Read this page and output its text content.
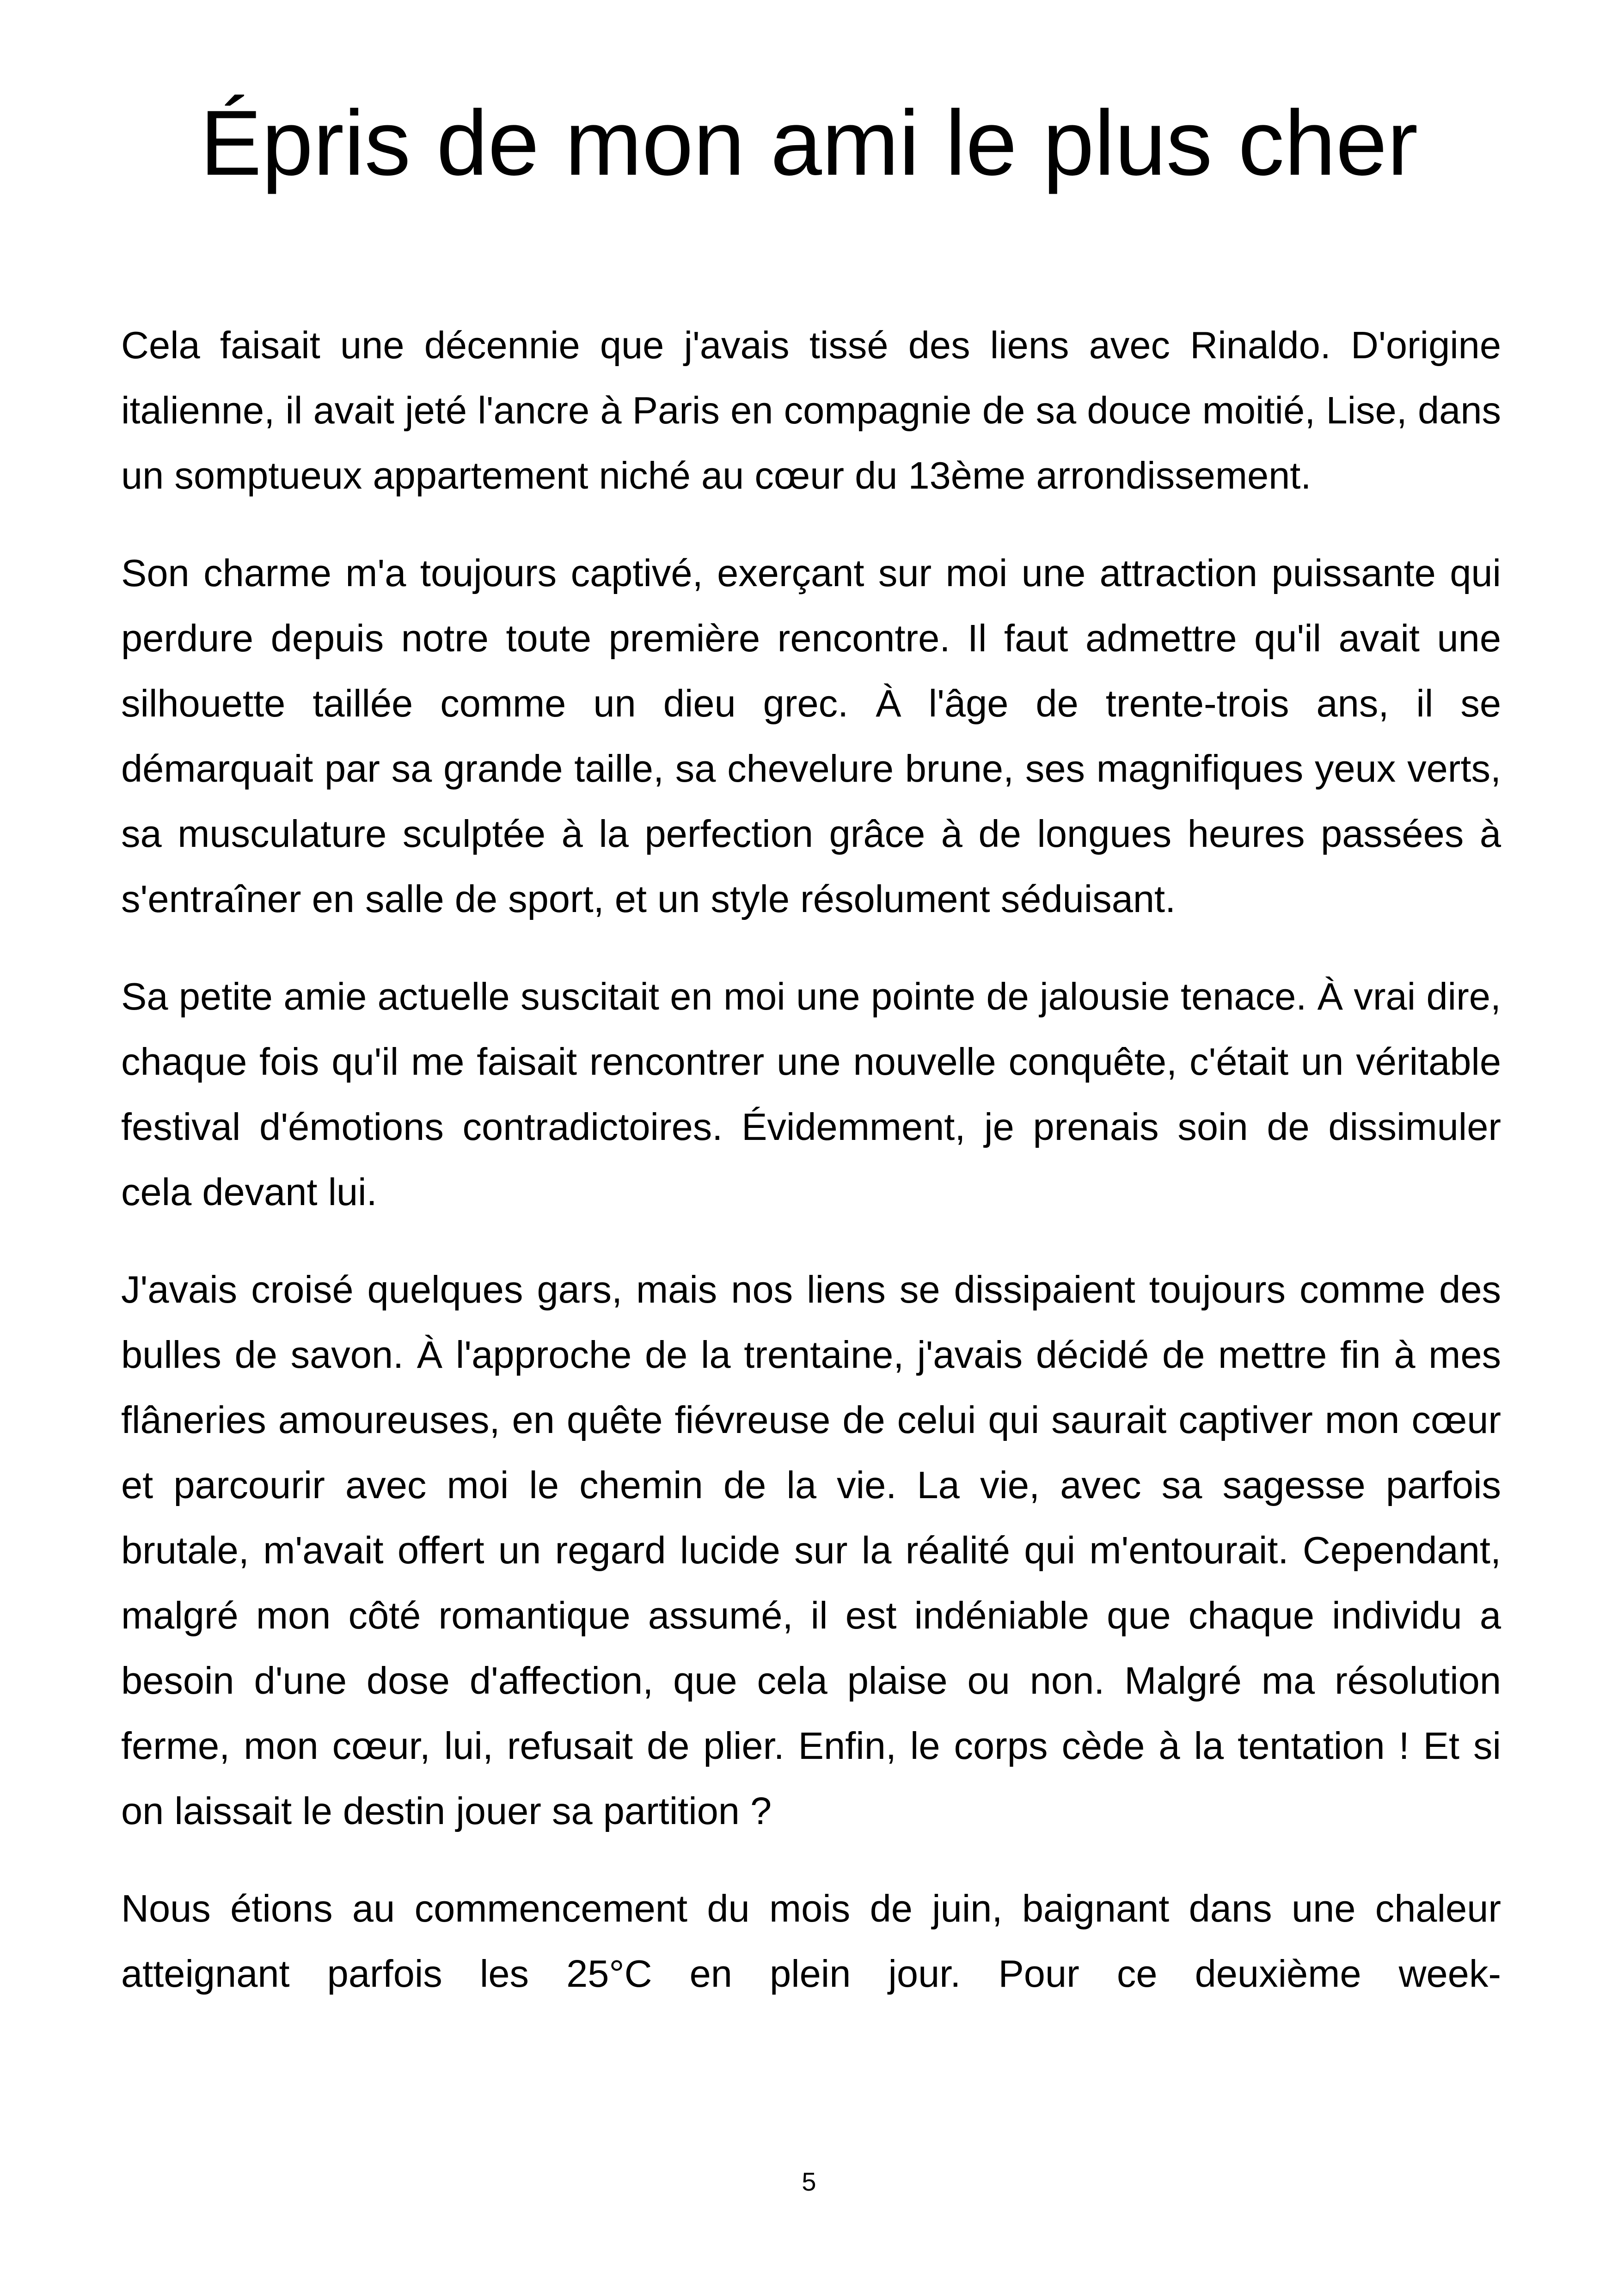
Épris de mon ami le plus cher

Cela faisait une décennie que j'avais tissé des liens avec Rinaldo. D'origine italienne, il avait jeté l'ancre à Paris en compagnie de sa douce moitié, Lise, dans un somptueux appartement niché au cœur du 13ème arrondissement.

Son charme m'a toujours captivé, exerçant sur moi une attraction puissante qui perdure depuis notre toute première rencontre. Il faut admettre qu'il avait une silhouette taillée comme un dieu grec. À l'âge de trente-trois ans, il se démarquait par sa grande taille, sa chevelure brune, ses magnifiques yeux verts, sa musculature sculptée à la perfection grâce à de longues heures passées à s'entraîner en salle de sport, et un style résolument séduisant.

Sa petite amie actuelle suscitait en moi une pointe de jalousie tenace. À vrai dire, chaque fois qu'il me faisait rencontrer une nouvelle conquête, c'était un véritable festival d'émotions contradictoires. Évidemment, je prenais soin de dissimuler cela devant lui.

J'avais croisé quelques gars, mais nos liens se dissipaient toujours comme des bulles de savon. À l'approche de la trentaine, j'avais décidé de mettre fin à mes flâneries amoureuses, en quête fiévreuse de celui qui saurait captiver mon cœur et parcourir avec moi le chemin de la vie. La vie, avec sa sagesse parfois brutale, m'avait offert un regard lucide sur la réalité qui m'entourait. Cependant, malgré mon côté romantique assumé, il est indéniable que chaque individu a besoin d'une dose d'affection, que cela plaise ou non. Malgré ma résolution ferme, mon cœur, lui, refusait de plier. Enfin, le corps cède à la tentation ! Et si on laissait le destin jouer sa partition ?

Nous étions au commencement du mois de juin, baignant dans une chaleur atteignant parfois les 25°C en plein jour. Pour ce deuxième week-

5
